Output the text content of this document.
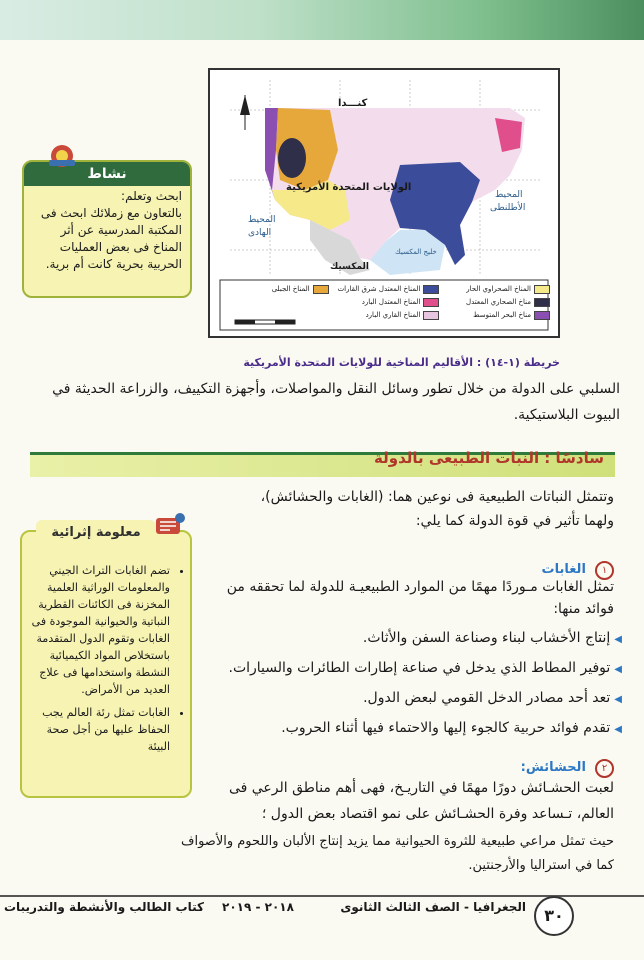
كنـــدا
الولايات المتحدة الأمريكية
المكسيك
خليج المكسيك
المحيط
الهادى
المحيط
الأطلنطى
المناخ الصحراوي الحار
المناخ المعتدل شرق القارات
المناخ الجبلى
مناخ الصحاري المعتدل
المناخ المعتدل البارد
مناخ البحر المتوسط
المناخ القاري البارد
نشاط
ابحث وتعلم:
بالتعاون مع زملائك ابحث فى المكتبة المدرسية عن أثر المناخ فى بعض العمليات الحربية بحرية كانت أم برية.
خريطة (١-١٤) : الأقاليم المناخية للولايات المتحدة الأمريكية
السلبي على الدولة من خلال تطور وسائل النقل والمواصلات، وأجهزة التكييف، والزراعة الحديثة في البيوت البلاستيكية.
سادسًا : النبات الطبيعى بالدولة
وتتمثل النباتات الطبيعية فى نوعين هما: (الغابات والحشائش)،
ولهما تأثير في قوة الدولة كما يلي:
• تضم الغابات التراث الجيني والمعلومات الوراثية العلمية المخزنة فى الكائنات القطرية النباتية والحيوانية الموجودة فى الغابات وتقوم الدول المتقدمة باستخلاص المواد الكيميائية النشطة واستخدامها فى علاج العديد من الأمراض.
• الغابات تمثل رئة العالم يجب الحفاظ عليها من أجل صحة البيئة
معلومة إثرائية
١ الغابات
تمثل الغابات مـوردًا مهمًا من الموارد الطبيعيـة للدولة لما تحققه من فوائد منها:
◀إنتاج الأخشاب لبناء وصناعة السفن والأثاث.
◀توفير المطاط الذي يدخل في صناعة إطارات الطائرات والسيارات.
◀تعد أحد مصادر الدخل القومي لبعض الدول.
◀تقدم فوائد حربية كالجوء إليها والاحتماء فيها أثناء الحروب.
٢ الحشائش:
لعبت الحشـائش دورًا مهمًا في التاريـخ، فهى أهم مناطق الرعي فى
العالم، تـساعد وفرة الحشـائش على نمو اقتصاد بعض الدول ؛
حيث تمثل مراعي طبيعية للثروة الحيوانية مما يزيد إنتاج الألبان واللحوم والأصواف
كما في استراليا والأرجنتين.
٣٠
الجغرافيا - الصف الثالث الثانوى
٢٠١٨ - ٢٠١٩
كتاب الطالب والأنشطة والتدريبات
